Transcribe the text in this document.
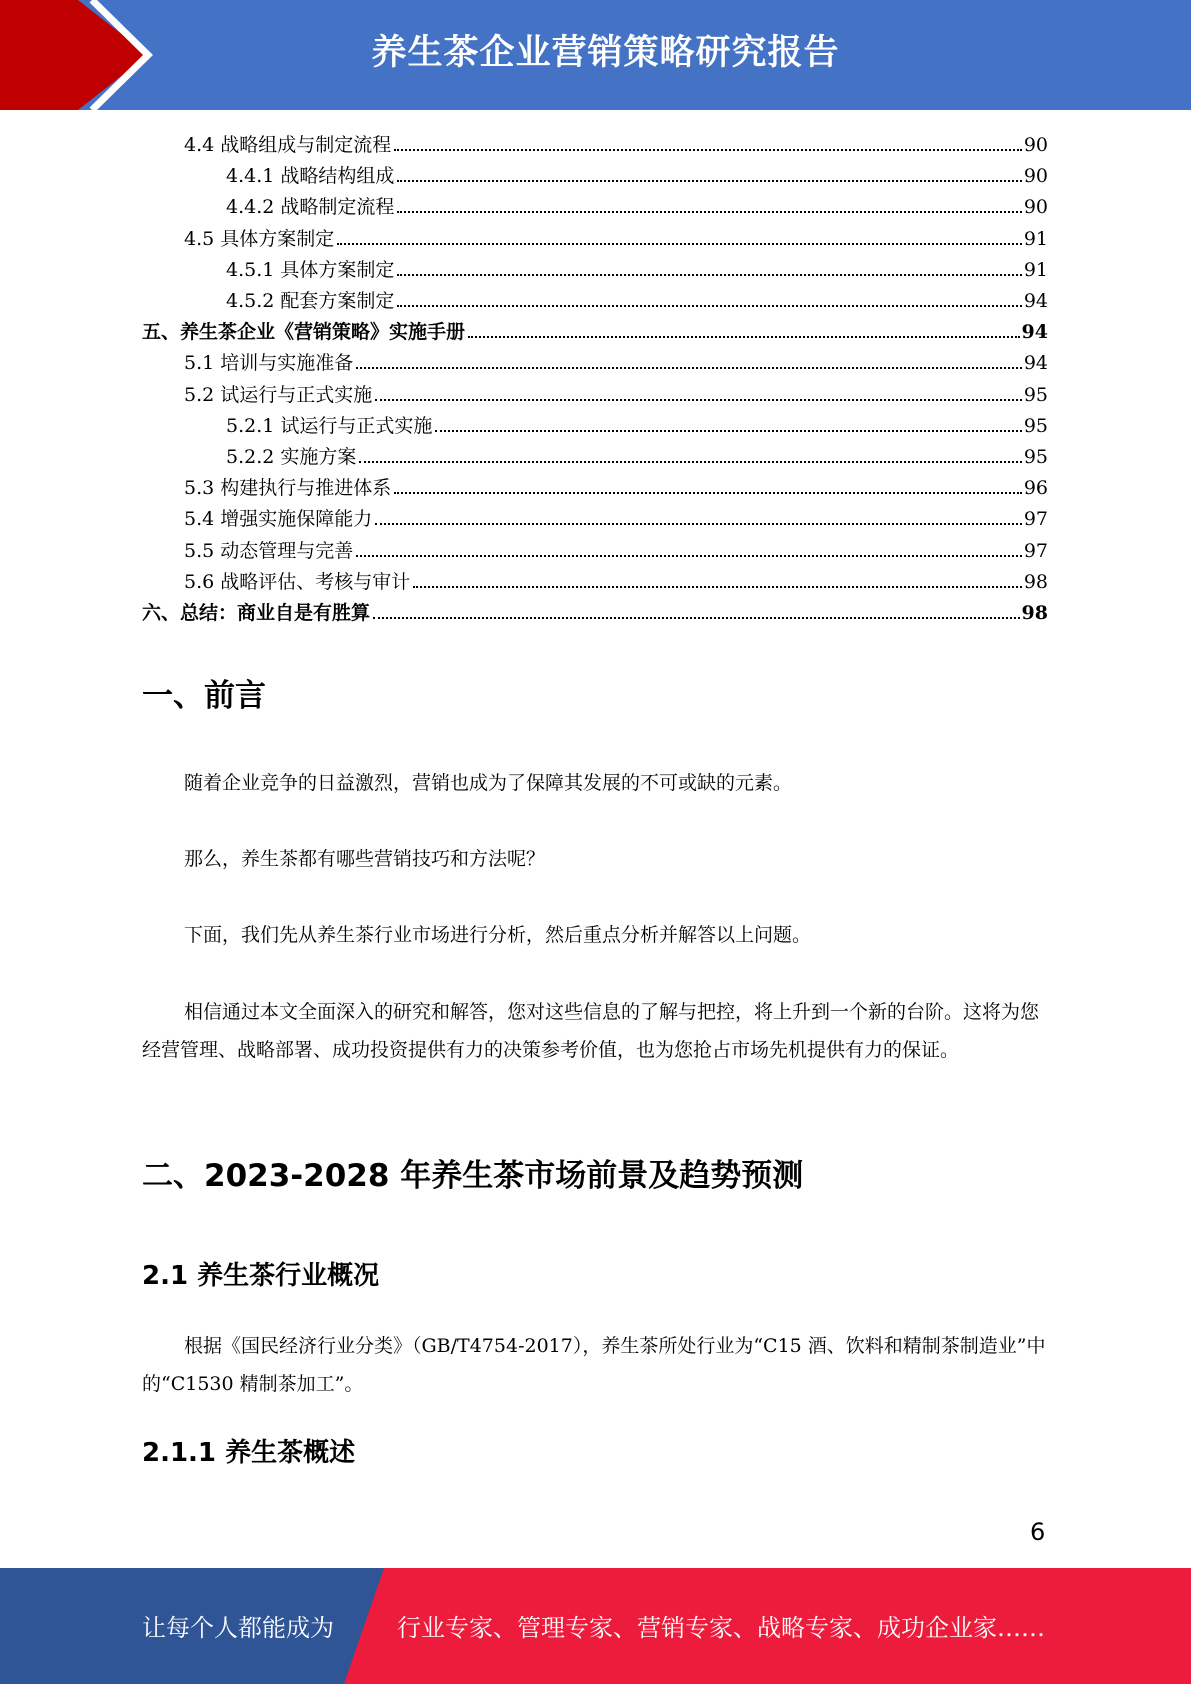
养生茶企业营销策略研究报告
4.4 战略组成与制定流程	90
4.4.1 战略结构组成	90
4.4.2 战略制定流程	90
4.5 具体方案制定	91
4.5.1 具体方案制定	91
4.5.2 配套方案制定	94
五、养生茶企业《营销策略》实施手册	94
5.1 培训与实施准备	94
5.2 试运行与正式实施	95
5.2.1 试运行与正式实施	95
5.2.2 实施方案	95
5.3 构建执行与推进体系	96
5.4 增强实施保障能力	97
5.5 动态管理与完善	97
5.6 战略评估、考核与审计	98
六、总结：商业自是有胜算	98
一、前言
随着企业竞争的日益激烈，营销也成为了保障其发展的不可或缺的元素。
那么，养生茶都有哪些营销技巧和方法呢？
下面，我们先从养生茶行业市场进行分析，然后重点分析并解答以上问题。
相信通过本文全面深入的研究和解答，您对这些信息的了解与把控，将上升到一个新的台阶。这将为您经营管理、战略部署、成功投资提供有力的决策参考价值，也为您抢占市场先机提供有力的保证。
二、2023-2028 年养生茶市场前景及趋势预测
2.1 养生茶行业概况
根据《国民经济行业分类》（GB/T4754-2017），养生茶所处行业为“C15 酒、饮料和精制茶制造业”中的“C1530 精制茶加工”。
2.1.1 养生茶概述
6
让每个人都能成为	行业专家、管理专家、营销专家、战略专家、成功企业家……
